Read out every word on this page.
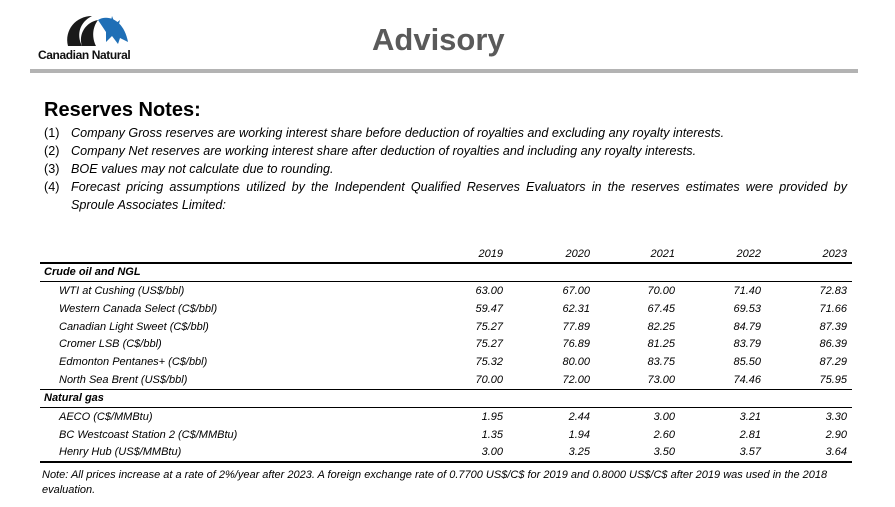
Canadian Natural	Advisory
Reserves Notes:
(1) Company Gross reserves are working interest share before deduction of royalties and excluding any royalty interests.
(2) Company Net reserves are working interest share after deduction of royalties and including any royalty interests.
(3) BOE values may not calculate due to rounding.
(4) Forecast pricing assumptions utilized by the Independent Qualified Reserves Evaluators in the reserves estimates were provided by Sproule Associates Limited:
2019	2020	2021	2022	2023
Crude oil and NGL
WTI at Cushing (US$/bbl)	63.00	67.00	70.00	71.40	72.83
Western Canada Select (C$/bbl)	59.47	62.31	67.45	69.53	71.66
Canadian Light Sweet (C$/bbl)	75.27	77.89	82.25	84.79	87.39
Cromer LSB (C$/bbl)	75.27	76.89	81.25	83.79	86.39
Edmonton Pentanes+ (C$/bbl)	75.32	80.00	83.75	85.50	87.29
North Sea Brent (US$/bbl)	70.00	72.00	73.00	74.46	75.95
Natural gas
AECO (C$/MMBtu)	1.95	2.44	3.00	3.21	3.30
BC Westcoast Station 2 (C$/MMBtu)	1.35	1.94	2.60	2.81	2.90
Henry Hub (US$/MMBtu)	3.00	3.25	3.50	3.57	3.64
Note: All prices increase at a rate of 2%/year after 2023. A foreign exchange rate of 0.7700 US$/C$ for 2019 and 0.8000 US$/C$ after 2019 was used in the 2018 evaluation.
